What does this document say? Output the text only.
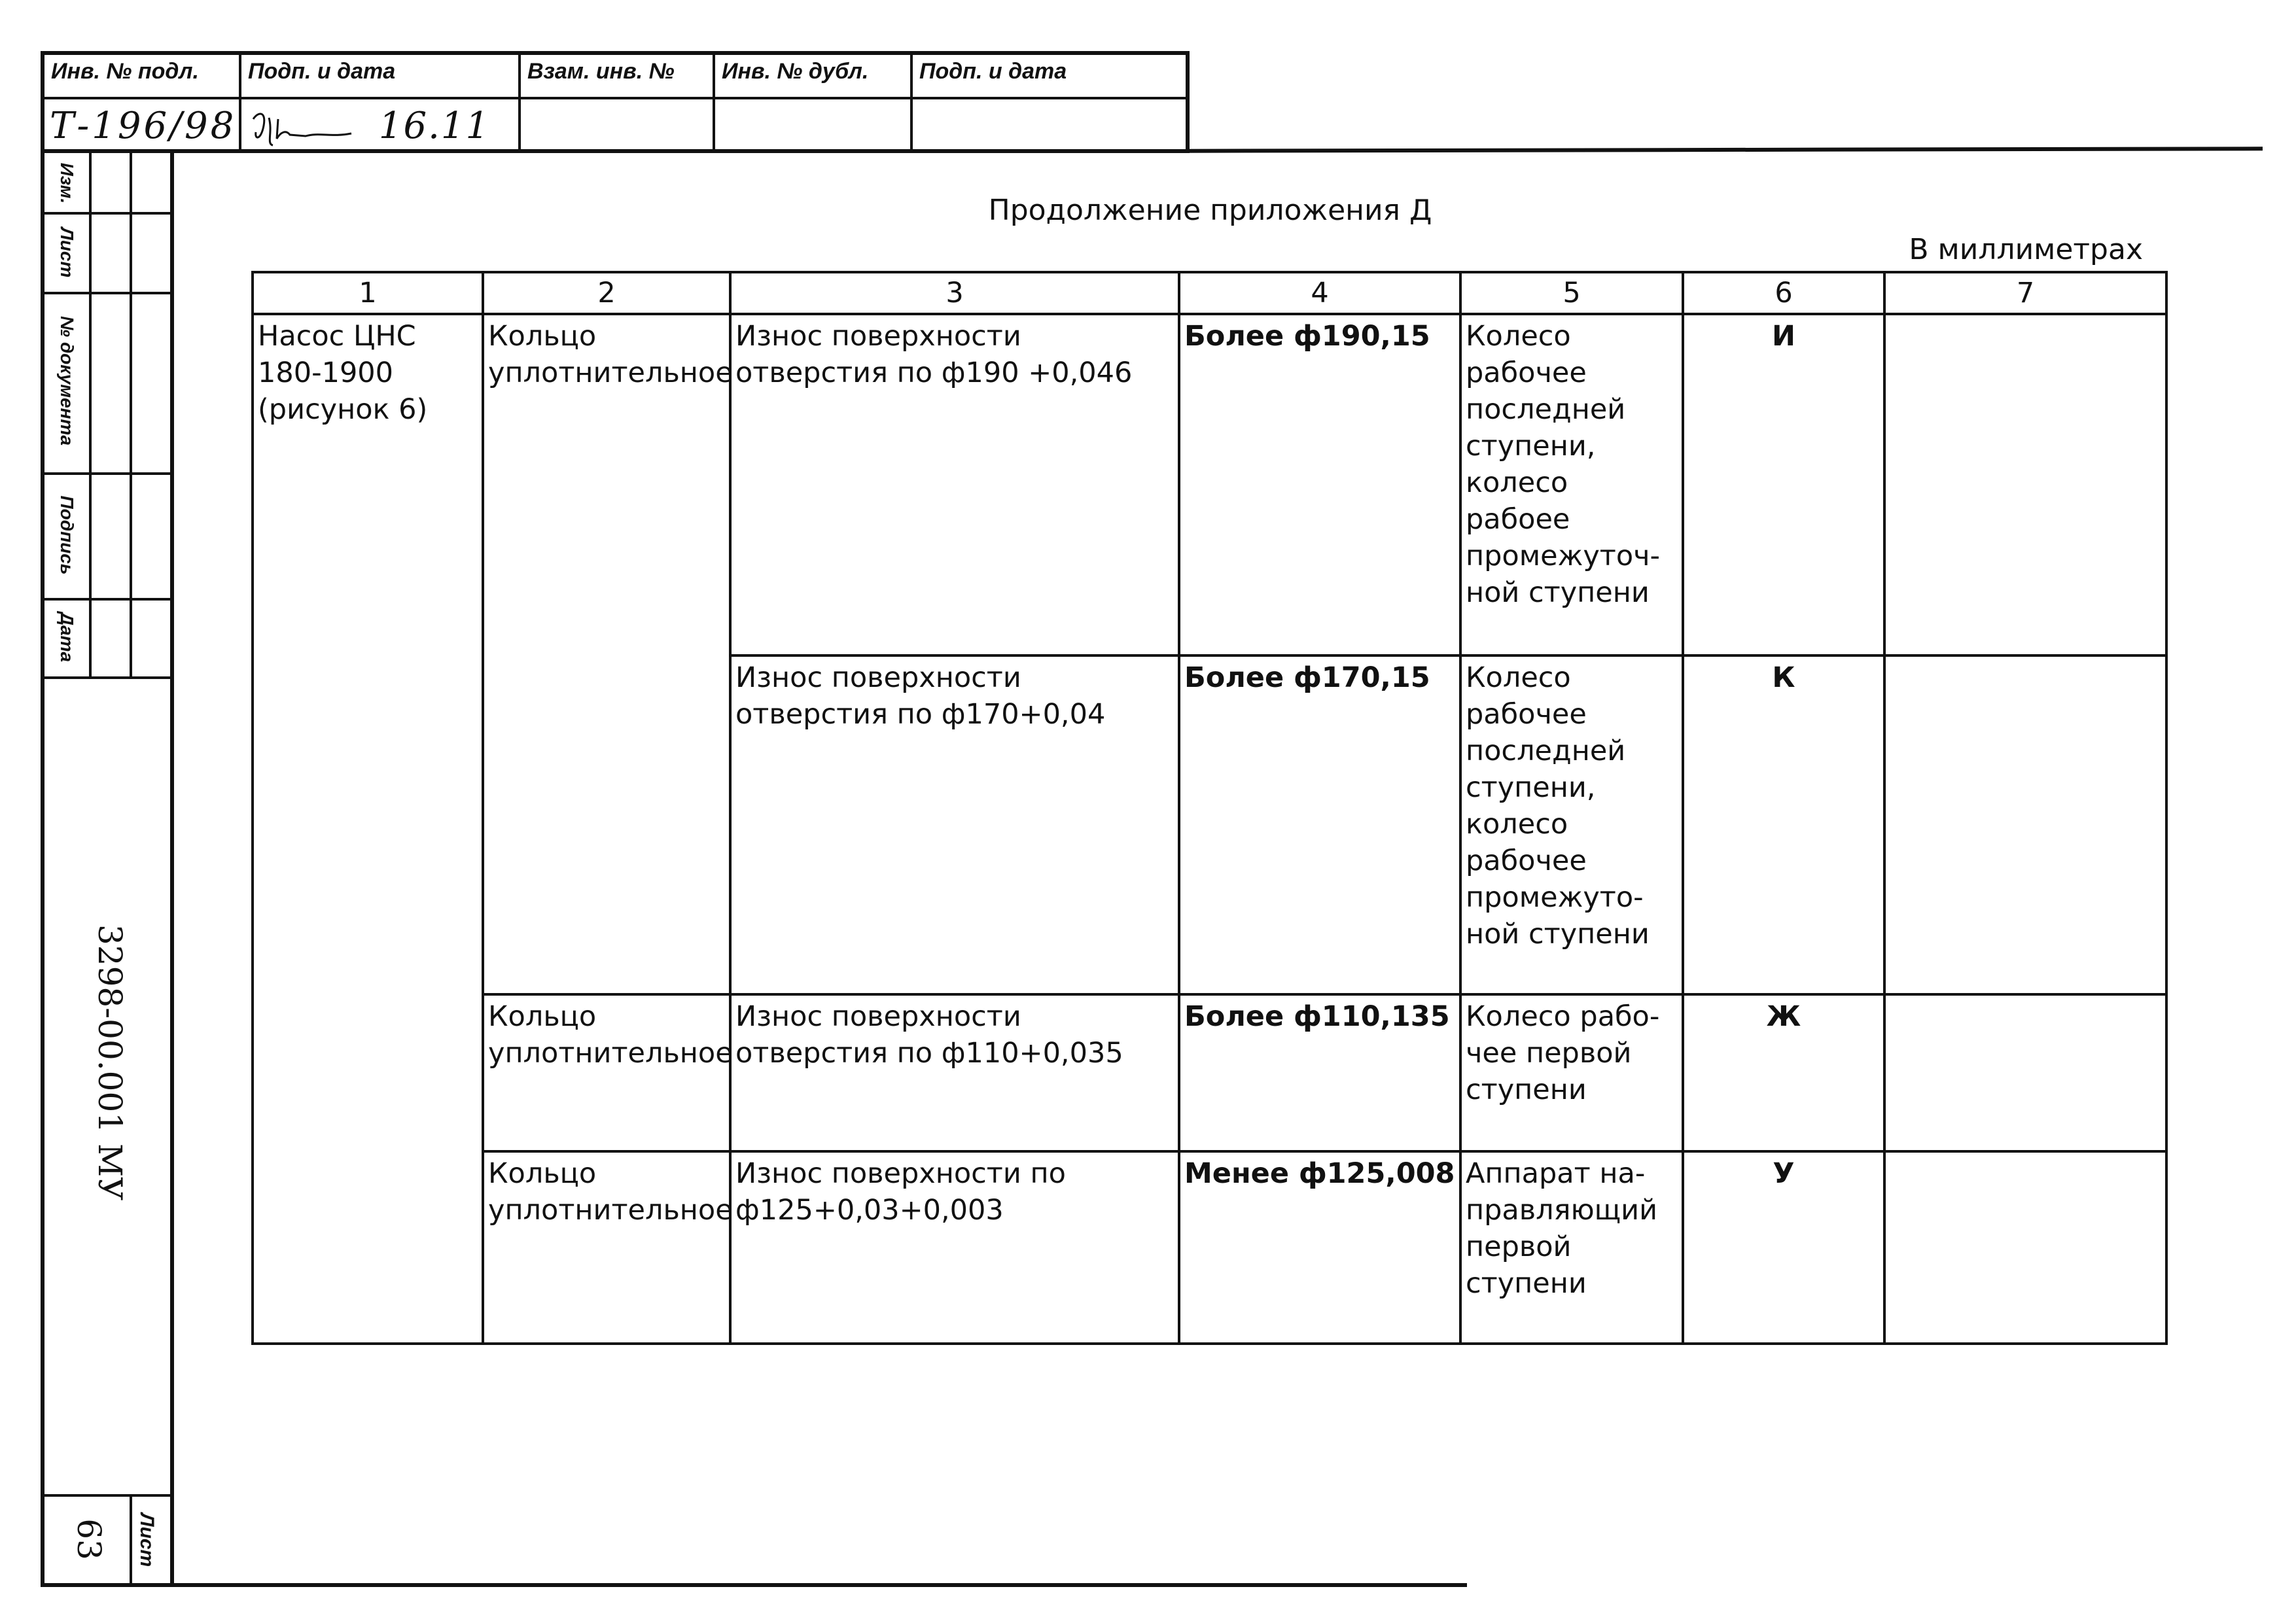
Инв. № подл.	Подп. и дата	Взам. инв. №	Инв. № дубл.	Подп. и дата
Т-196/98	16.11
Изм.
Лист
№ документа
Подпись
Дата
3298-00.001 МУ
63 Лист
Продолжение приложения Д
В миллиметрах
1	2	3	4	5	6	7
Насос ЦНС 180-1900 (рисунок 6)	Кольцо уплотнительное	Износ поверхности отверстия по ф190 +0,046	Более ф190,15	Колесо рабочее последней ступени, колесо рабоее промежуточ-ной ступени	И	
		Износ поверхности отверстия по ф170+0,04	Более ф170,15	Колесо рабочее последней ступени, колесо рабочее промежуто-ной ступени	К	
	Кольцо уплотнительное	Износ поверхности отверстия по ф110+0,035	Более ф110,135	Колесо рабо-чее первой ступени	Ж	
	Кольцо уплотнительное	Износ поверхности по ф125+0,03+0,003	Менее ф125,008	Аппарат на-правляющий первой ступени	У	
